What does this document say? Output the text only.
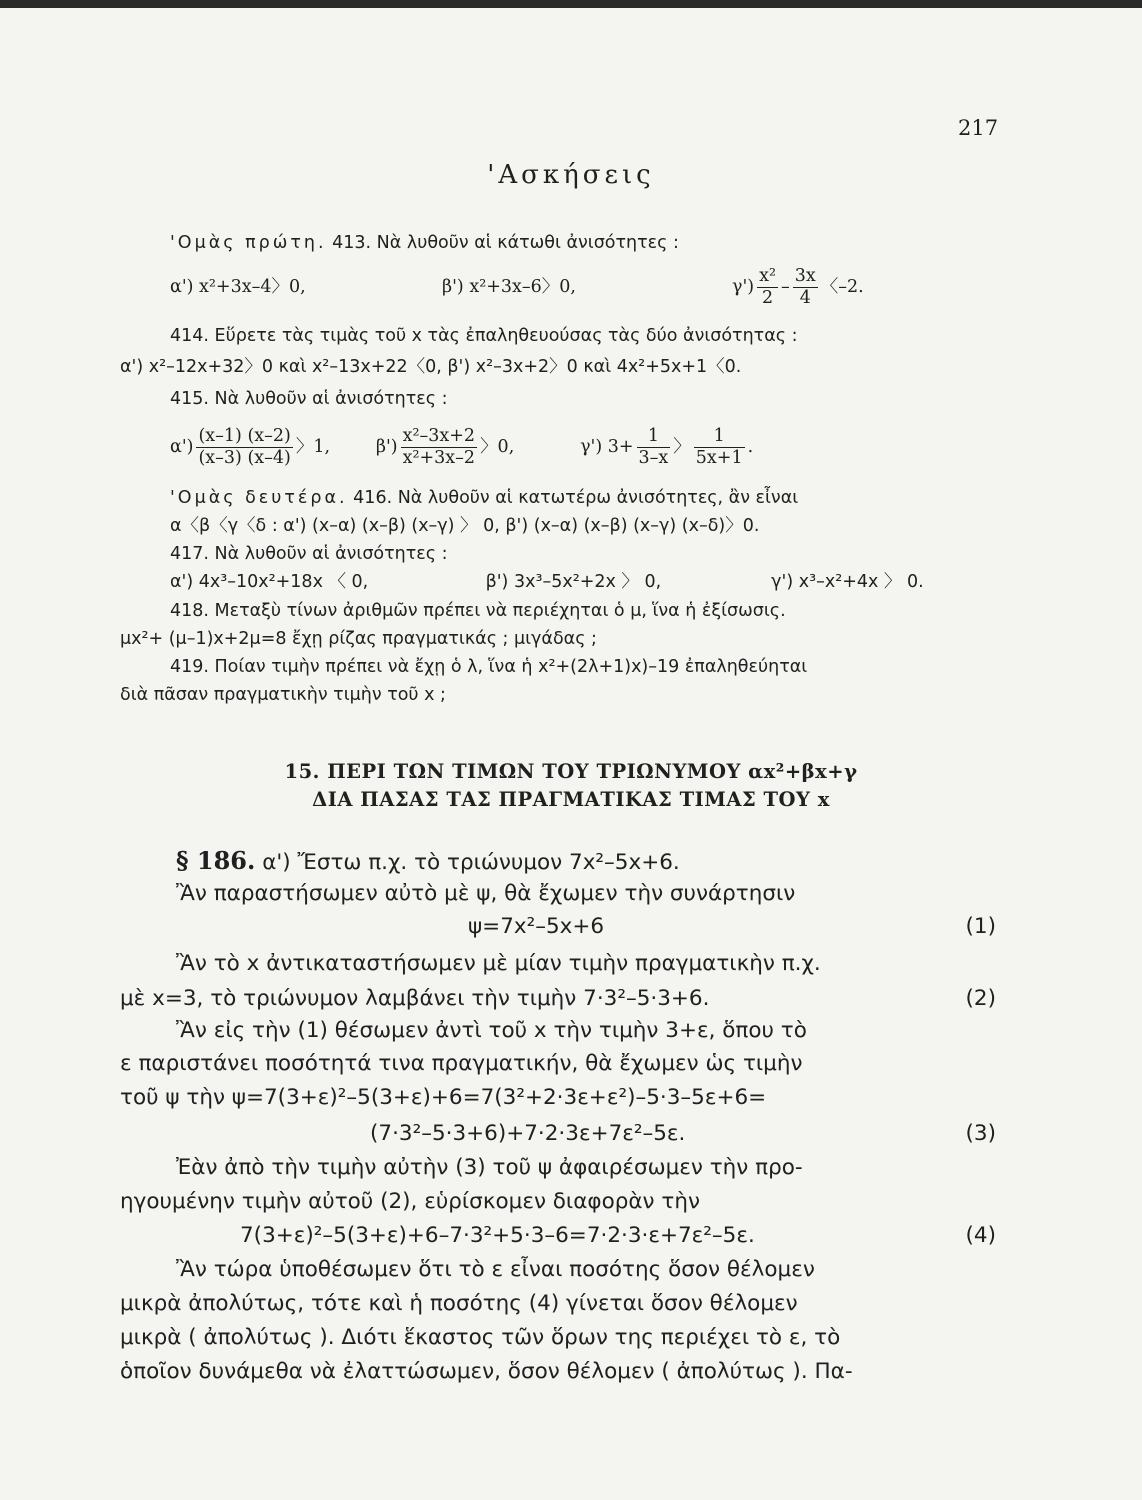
217
'Ασκήσεις
'Ομὰς πρώτη. 413. Νὰ λυθοῦν αἱ κάτωθι ἀνισότητες :
α') x²+3x–4〉0,	β') x²+3x–6〉0,	$\gamma') \frac{\text{x²}}{2} - \frac{3x}{4}$ 〈–2.
414. Εὕρετε τὰς τιμὰς τοῦ x τὰς ἐπαληθευούσας τὰς δύο ἀνισότητας :
α') x²–12x+32〉0 καὶ x²–13x+22〈0, β') x²–3x+2〉0 καὶ 4x²+5x+1〈0.
415. Νὰ λυθοῦν αἱ ἀνισότητες :
$\alpha') \frac{(x-1) (x-2)}{(x-3) (x-4)}$ 〉1,	$\beta') \frac{\text{x²–3x+2}}{\text{x²+3x–2}}$ 〉0,	γ') $3+ \frac{1}{3-x}$ 〉 $\frac{1}{5x+1}$ .
'Ομὰς δευτέρα. 416. Νὰ λυθοῦν αἱ κατωτέρω ἀνισότητες, ἂν εἶναι
α〈β〈γ〈δ : α') (x–α) (x–β) (x–γ) 〉 0, β') (x–α) (x–β) (x–γ) (x–δ)〉0.
417. Νὰ λυθοῦν αἱ ἀνισότητες :
α') 4x³–10x²+18x 〈 0,	β') 3x³–5x²+2x 〉 0,	γ') x³–x²+4x 〉 0.
418. Μεταξὺ τίνων ἀριθμῶν πρέπει νὰ περιέχηται ὁ μ, ἵνα ἡ ἐξίσωσις.
μx²+ (μ–1)x+2μ=8 ἔχῃ ρίζας πραγματικάς ; μιγάδας ;
419. Ποίαν τιμὴν πρέπει νὰ ἔχῃ ὁ λ, ἵνα ἡ x²+(2λ+1)x)–19 ἐπαληθεύηται
διὰ πᾶσαν πραγματικὴν τιμὴν τοῦ x ;
15. ΠΕΡΙ ΤΩΝ ΤΙΜΩΝ ΤΟΥ ΤΡΙΩΝΥΜΟΥ αx²+βx+γ
ΔΙΑ ΠΑΣΑΣ ΤΑΣ ΠΡΑΓΜΑΤΙΚΑΣ ΤΙΜΑΣ ΤΟΥ x
§ 186. α') Ἔστω π.χ. τὸ τριώνυμον 7x²–5x+6.
Ἂν παραστήσωμεν αὐτὸ μὲ ψ, θὰ ἔχωμεν τὴν συνάρτησιν
ψ=7x²–5x+6	(1)
Ἂν τὸ x ἀντικαταστήσωμεν μὲ μίαν τιμὴν πραγματικὴν π.χ.
μὲ x=3, τὸ τριώνυμον λαμβάνει τὴν τιμὴν 7·3²–5·3+6.	(2)
Ἂν εἰς τὴν (1) θέσωμεν ἀντὶ τοῦ x τὴν τιμὴν 3+ε, ὅπου τὸ
ε παριστάνει ποσότητά τινα πραγματικήν, θὰ ἔχωμεν ὡς τιμὴν
τοῦ ψ τὴν ψ=7(3+ε)²–5(3+ε)+6=7(3²+2·3ε+ε²)–5·3–5ε+6=
(7·3²–5·3+6)+7·2·3ε+7ε²–5ε.	(3)
Ἐὰν ἀπὸ τὴν τιμὴν αὐτὴν (3) τοῦ ψ ἀφαιρέσωμεν τὴν προ-
ηγουμένην τιμὴν αὐτοῦ (2), εὑρίσκομεν διαφορὰν τὴν
7(3+ε)²–5(3+ε)+6–7·3²+5·3–6=7·2·3·ε+7ε²–5ε.	(4)
Ἂν τώρα ὑποθέσωμεν ὅτι τὸ ε εἶναι ποσότης ὅσον θέλομεν
μικρὰ ἀπολύτως, τότε καὶ ἡ ποσότης (4) γίνεται ὅσον θέλομεν
μικρὰ ( ἀπολύτως ). Διότι ἕκαστος τῶν ὅρων της περιέχει τὸ ε, τὸ
ὁποῖον δυνάμεθα νὰ ἐλαττώσωμεν, ὅσον θέλομεν ( ἀπολύτως ). Πα-
